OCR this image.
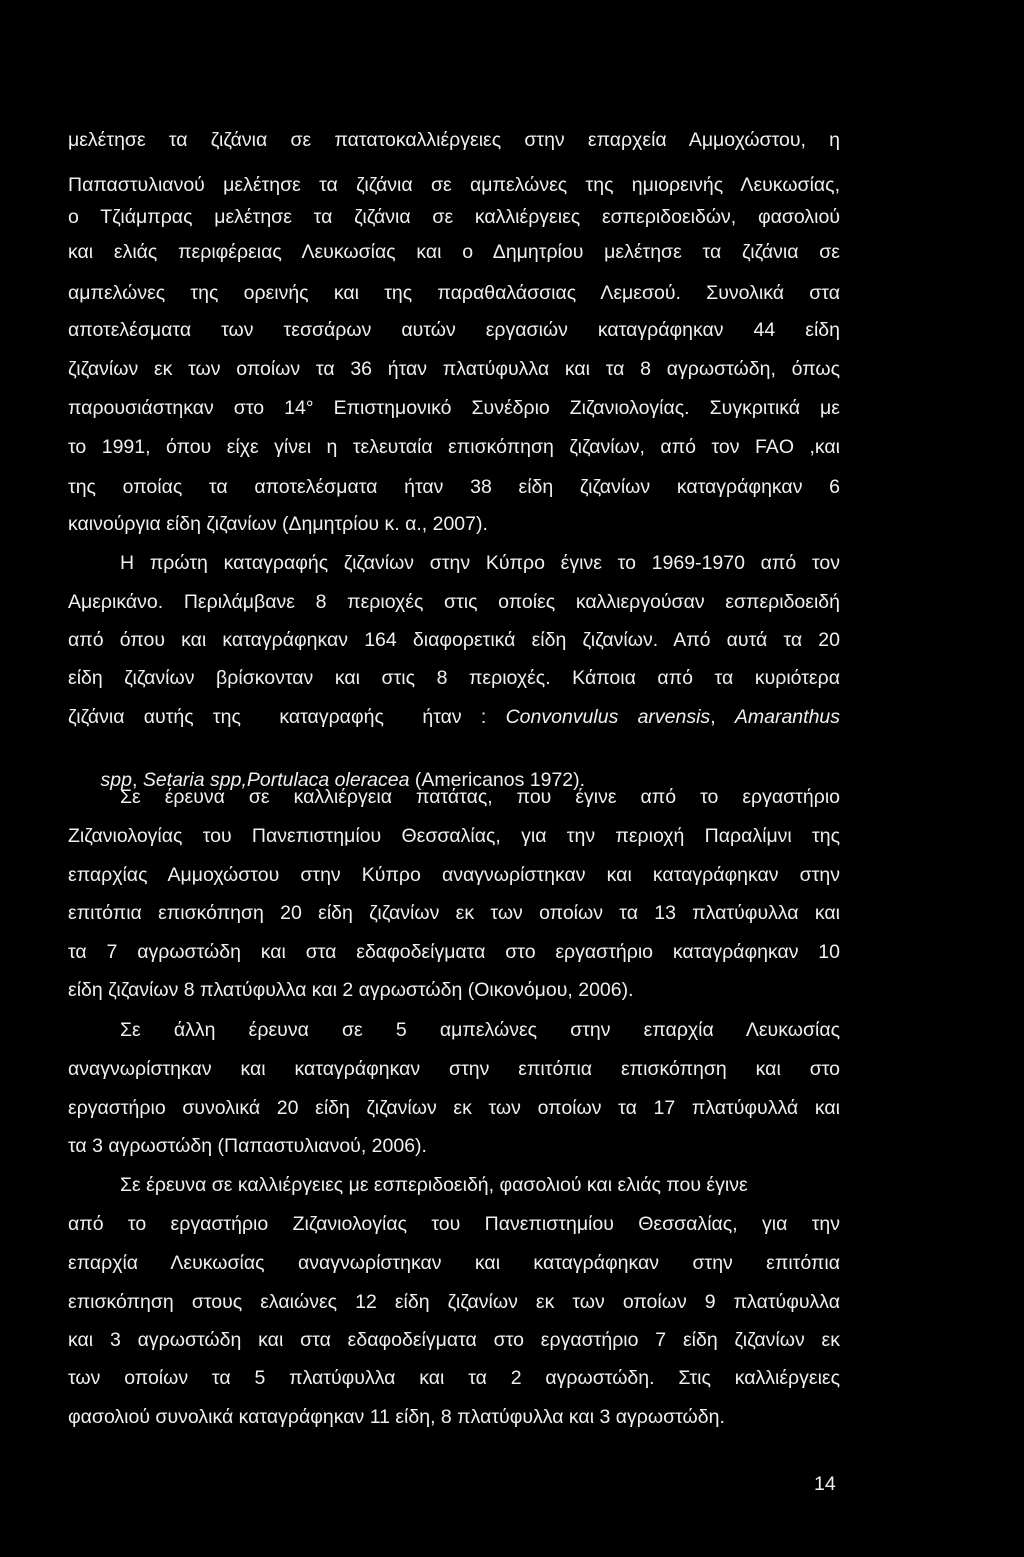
μελέτησε τα ζιζάνια σε πατατοκαλλιέργειες στην επαρχεία Αμμοχώστου, η
Παπαστυλιανού μελέτησε τα ζιζάνια σε αμπελώνες της ημιορεινής Λευκωσίας,
ο Τζιάμπρας μελέτησε τα ζιζάνια σε καλλιέργειες εσπεριδοειδών, φασολιού
και ελιάς περιφέρειας Λευκωσίας και ο Δημητρίου μελέτησε τα ζιζάνια σε
αμπελώνες της ορεινής και της παραθαλάσσιας Λεμεσού. Συνολικά στα
αποτελέσματα των τεσσάρων αυτών εργασιών καταγράφηκαν 44 είδη
ζιζανίων εκ των οποίων τα 36 ήταν πλατύφυλλα και τα 8 αγρωστώδη, όπως
παρουσιάστηκαν στο 14° Επιστημονικό Συνέδριο Ζιζανιολογίας. Συγκριτικά με
το 1991, όπου είχε γίνει η τελευταία επισκόπηση ζιζανίων, από τον FAO ,και
της οποίας τα αποτελέσματα ήταν 38 είδη ζιζανίων καταγράφηκαν 6
καινούργια είδη ζιζανίων (Δημητρίου κ. α., 2007).
Η πρώτη καταγραφής ζιζανίων στην Κύπρο έγινε το 1969-1970 από τον
Αμερικάνο. Περιλάμβανε 8 περιοχές στις οποίες καλλιεργούσαν εσπεριδοειδή
από όπου και καταγράφηκαν 164 διαφορετικά είδη ζιζανίων. Από αυτά τα 20
είδη ζιζανίων βρίσκονταν και στις 8 περιοχές. Κάποια από τα κυριότερα
ζιζάνια αυτής της  καταγραφής  ήταν : Convonvulus arvensis, Amaranthus

spp, Setaria spp,Portulaca oleracea (Americanos 1972).

Σε έρευνα σε καλλιέργεια πατάτας, που έγινε από το εργαστήριο
Ζιζανιολογίας του Πανεπιστημίου Θεσσαλίας, για την περιοχή Παραλίμνι της
επαρχίας Αμμοχώστου στην Κύπρο αναγνωρίστηκαν και καταγράφηκαν στην
επιτόπια επισκόπηση 20 είδη ζιζανίων εκ των οποίων τα 13 πλατύφυλλα και
τα 7 αγρωστώδη και στα εδαφοδείγματα στο εργαστήριο καταγράφηκαν 10
είδη ζιζανίων 8 πλατύφυλλα και 2 αγρωστώδη (Οικονόμου, 2006).
Σε άλλη έρευνα σε 5 αμπελώνες στην επαρχία Λευκωσίας
αναγνωρίστηκαν και καταγράφηκαν στην επιτόπια επισκόπηση και στο
εργαστήριο συνολικά 20 είδη ζιζανίων εκ των οποίων τα 17 πλατύφυλλά και
τα 3 αγρωστώδη (Παπαστυλιανού, 2006).
Σε έρευνα σε καλλιέργειες με εσπεριδοειδή, φασολιού και ελιάς που έγινε
από το εργαστήριο Ζιζανιολογίας του Πανεπιστημίου Θεσσαλίας, για την
επαρχία Λευκωσίας αναγνωρίστηκαν και καταγράφηκαν στην επιτόπια
επισκόπηση στους ελαιώνες 12 είδη ζιζανίων εκ των οποίων 9 πλατύφυλλα
και 3 αγρωστώδη και στα εδαφοδείγματα στο εργαστήριο 7 είδη ζιζανίων εκ
των οποίων τα 5 πλατύφυλλα και τα 2 αγρωστώδη. Στις καλλιέργειες
φασολιού συνολικά καταγράφηκαν 11 είδη, 8 πλατύφυλλα και 3 αγρωστώδη.
14
